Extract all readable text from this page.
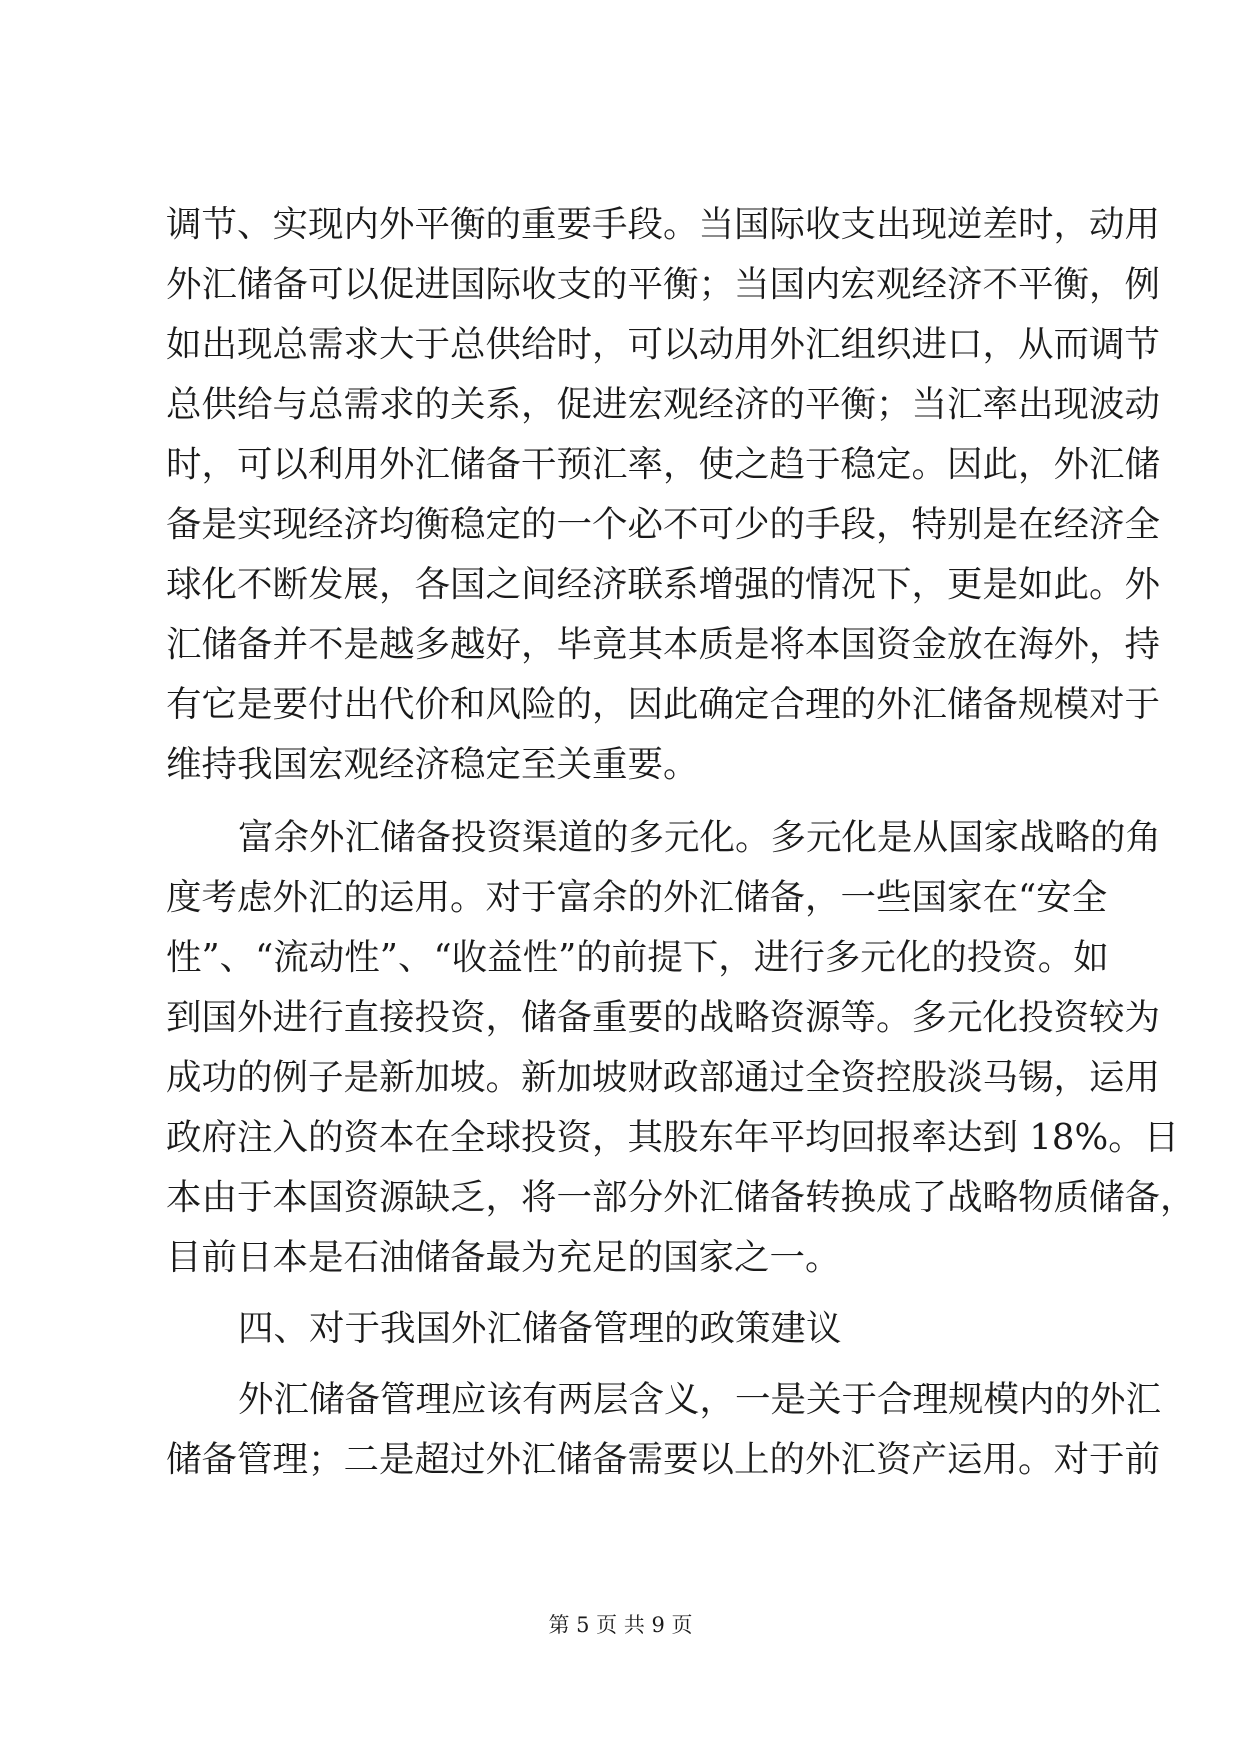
调节、实现内外平衡的重要手段。当国际收支出现逆差时，动用
外汇储备可以促进国际收支的平衡；当国内宏观经济不平衡，例
如出现总需求大于总供给时，可以动用外汇组织进口，从而调节
总供给与总需求的关系，促进宏观经济的平衡；当汇率出现波动
时，可以利用外汇储备干预汇率，使之趋于稳定。因此，外汇储
备是实现经济均衡稳定的一个必不可少的手段，特别是在经济全
球化不断发展，各国之间经济联系增强的情况下，更是如此。外
汇储备并不是越多越好，毕竟其本质是将本国资金放在海外，持
有它是要付出代价和风险的，因此确定合理的外汇储备规模对于
维持我国宏观经济稳定至关重要。
富余外汇储备投资渠道的多元化。多元化是从国家战略的角
度考虑外汇的运用。对于富余的外汇储备，一些国家在“安全
性”、“流动性”、“收益性”的前提下，进行多元化的投资。如
到国外进行直接投资，储备重要的战略资源等。多元化投资较为
成功的例子是新加坡。新加坡财政部通过全资控股淡马锡，运用
政府注入的资本在全球投资，其股东年平均回报率达到 18%。日
本由于本国资源缺乏，将一部分外汇储备转换成了战略物质储备，
目前日本是石油储备最为充足的国家之一。
四、对于我国外汇储备管理的政策建议
外汇储备管理应该有两层含义，一是关于合理规模内的外汇
储备管理；二是超过外汇储备需要以上的外汇资产运用。对于前
第 5 页 共 9 页
